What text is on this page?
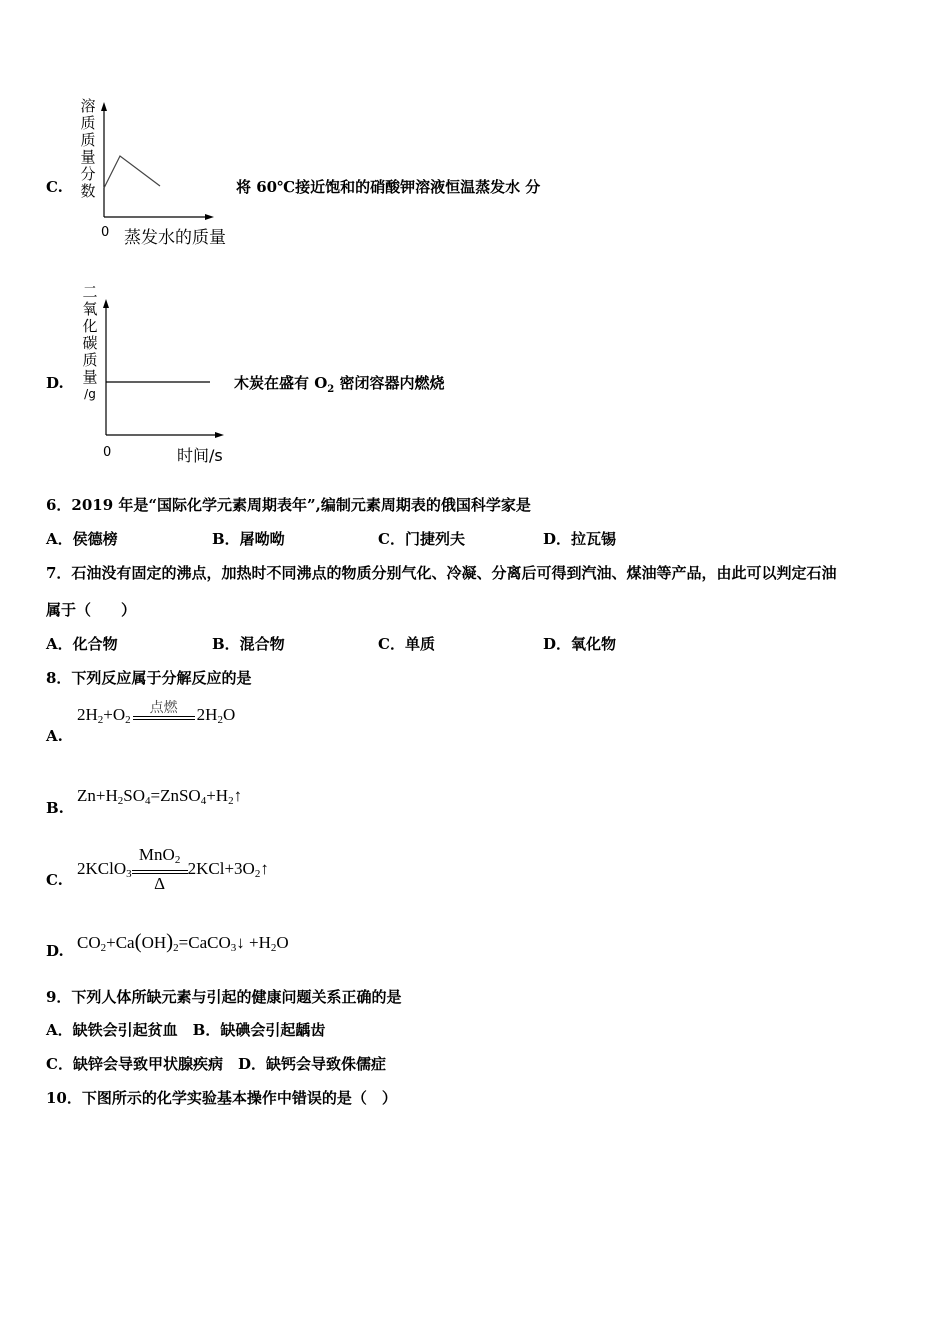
C.
溶
质
质
量
分
数
0 蒸发水的质量
将 60℃接近饱和的硝酸钾溶液恒温蒸发水 分
D.
二
氧
化
碳
质
量
/g
0	时间/s
木炭在盛有 $O_2$ 密闭容器内燃烧
6．2019 年是“国际化学元素周期表年”,编制元素周期表的俄国科学家是
A．侯德榜	B．屠呦呦	C．门捷列夫	D．拉瓦锡
7．石油没有固定的沸点，加热时不同沸点的物质分别气化、冷凝、分离后可得到汽油、煤油等产品，由此可以判定石油
属于（　　）
A．化合物	B．混合物	C．单质	D．氧化物
8．下列反应属于分解反应的是
A.
$2H_2+O_2$
点燃	$2H_2O$
B.
$Zn+H_2SO_4=ZnSO_4+H_2↑$
C.
2KClO$_3$ $\frac{MnO_2}{\Delta}$ $2KCl+3O_2↑$
D. $CO_2+Ca(OH)_2=CaCO_3↓ +H_2O$
9．下列人体所缺元素与引起的健康问题关系正确的是
A．缺铁会引起贫血　B．缺碘会引起龋齿
C．缺锌会导致甲状腺疾病　D．缺钙会导致侏儒症
10．下图所示的化学实验基本操作中错误的是（　）
